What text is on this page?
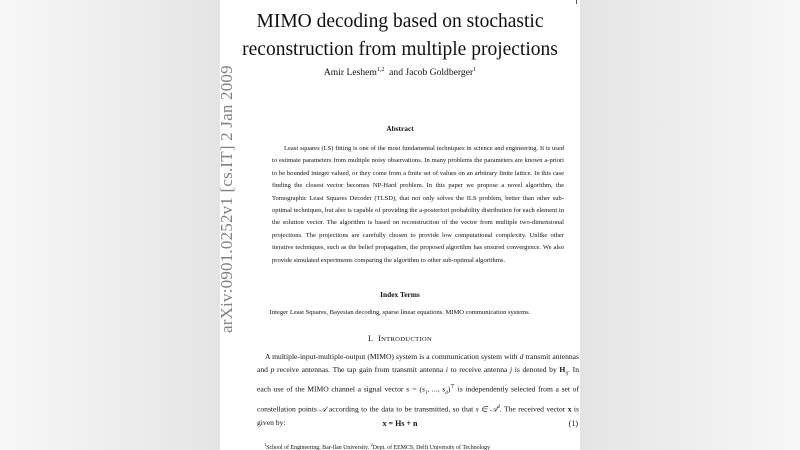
MIMO decoding based on stochastic
reconstruction from multiple projections
Amir Leshem$^{1,2}$ and Jacob Goldberger$^1$
Abstract
Least squares (LS) fitting is one of the most fundamental techniques in science and engineering. It is used to estimate parameters from multiple noisy observations. In many problems the parameters are known a-priori to be bounded integer valued, or they come from a finite set of values on an arbitrary finite lattice. In this case finding the closest vector becomes NP-Hard problem. In this paper we propose a novel algorithm, the Tomographic Least Squares Decoder (TLSD), that not only solves the ILS problem, better than other sub-optimal techniques, but also is capable of providing the a-posteriori probability distribution for each element in the solution vector. The algorithm is based on reconstruction of the vector from multiple two-dimensional projections. The projections are carefully chosen to provide low computational complexity. Unlike other iterative techniques, such as the belief propagation, the proposed algorithm has ensured convergence. We also provide simulated experiments comparing the algorithm to other sub-optimal algorithms.
Index Terms
Integer Least Squares, Bayesian decoding, sparse linear equations. MIMO communication systems.
I. INTRODUCTION
A multiple-input-multiple-output (MIMO) system is a communication system with d transmit antennas and p receive antennas. The tap gain from transmit antenna i to receive antenna j is denoted by $H_{ij}$. In each use of the MIMO channel a signal vector $s = (s_1$, ..., $s_d)^⊤$ is independently selected from a set of constellation points 𝒜 according to the data to be transmitted, so that s ∈ 𝒜$^d$. The received vector x is given by:	x = Hs + n	(1)
$^1$School of Engineering, Bar-Ilan University. $^2$Dept. of EEMCS, Delft University of Technology
arXiv:0901.0252v1 [cs.IT] 2 Jan 2009
